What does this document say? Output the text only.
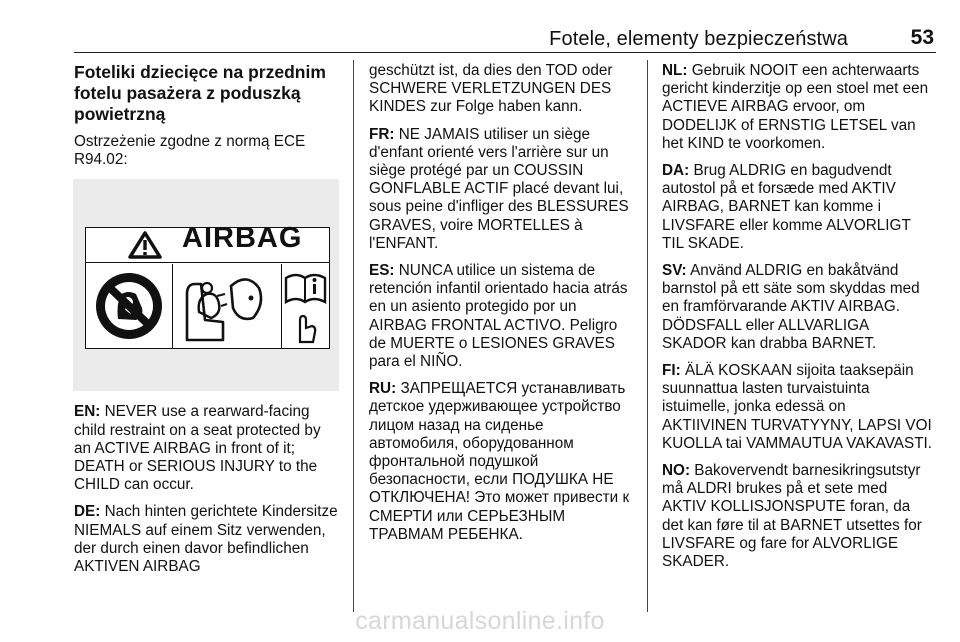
Fotele, elementy bezpieczeństwa	53
Foteliki dziecięce na przednim fotelu pasażera z poduszką powietrzną

Ostrzeżenie zgodne z normą ECE R94.02:

AIRBAG

EN: NEVER use a rearward-facing child restraint on a seat protected by an ACTIVE AIRBAG in front of it; DEATH or SERIOUS INJURY to the CHILD can occur.

DE: Nach hinten gerichtete Kindersitze NIEMALS auf einem Sitz verwenden, der durch einen davor befindlichen AKTIVEN AIRBAG

geschützt ist, da dies den TOD oder SCHWERE VERLETZUNGEN DES KINDES zur Folge haben kann.

FR: NE JAMAIS utiliser un siège d'enfant orienté vers l'arrière sur un siège protégé par un COUSSIN GONFLABLE ACTIF placé devant lui, sous peine d'infliger des BLESSURES GRAVES, voire MORTELLES à l'ENFANT.

ES: NUNCA utilice un sistema de retención infantil orientado hacia atrás en un asiento protegido por un AIRBAG FRONTAL ACTIVO. Peligro de MUERTE o LESIONES GRAVES para el NIÑO.

RU: ЗАПРЕЩАЕТСЯ устанавливать детское удерживающее устройство лицом назад на сиденье автомобиля, оборудованном фронтальной подушкой безопасности, если ПОДУШКА НЕ ОТКЛЮЧЕНА! Это может привести к СМЕРТИ или СЕРЬЕЗНЫМ ТРАВМАМ РЕБЕНКА.

NL: Gebruik NOOIT een achterwaarts gericht kinderzitje op een stoel met een ACTIEVE AIRBAG ervoor, om DODELIJK of ERNSTIG LETSEL van het KIND te voorkomen.

DA: Brug ALDRIG en bagudvendt autostol på et forsæde med AKTIV AIRBAG, BARNET kan komme i LIVSFARE eller komme ALVORLIGT TIL SKADE.

SV: Använd ALDRIG en bakåtvänd barnstol på ett säte som skyddas med en framförvarande AKTIV AIRBAG. DÖDSFALL eller ALLVARLIGA SKADOR kan drabba BARNET.

FI: ÄLÄ KOSKAAN sijoita taaksepäin suunnattua lasten turvaistuinta istuimelle, jonka edessä on AKTIIVINEN TURVATYYNY, LAPSI VOI KUOLLA tai VAMMAUTUA VAKAVASTI.

NO: Bakovervendt barnesikringsutstyr må ALDRI brukes på et sete med AKTIV KOLLISJONSPUTE foran, da det kan føre til at BARNET utsettes for LIVSFARE og fare for ALVORLIGE SKADER.

carmanualsonline.info
